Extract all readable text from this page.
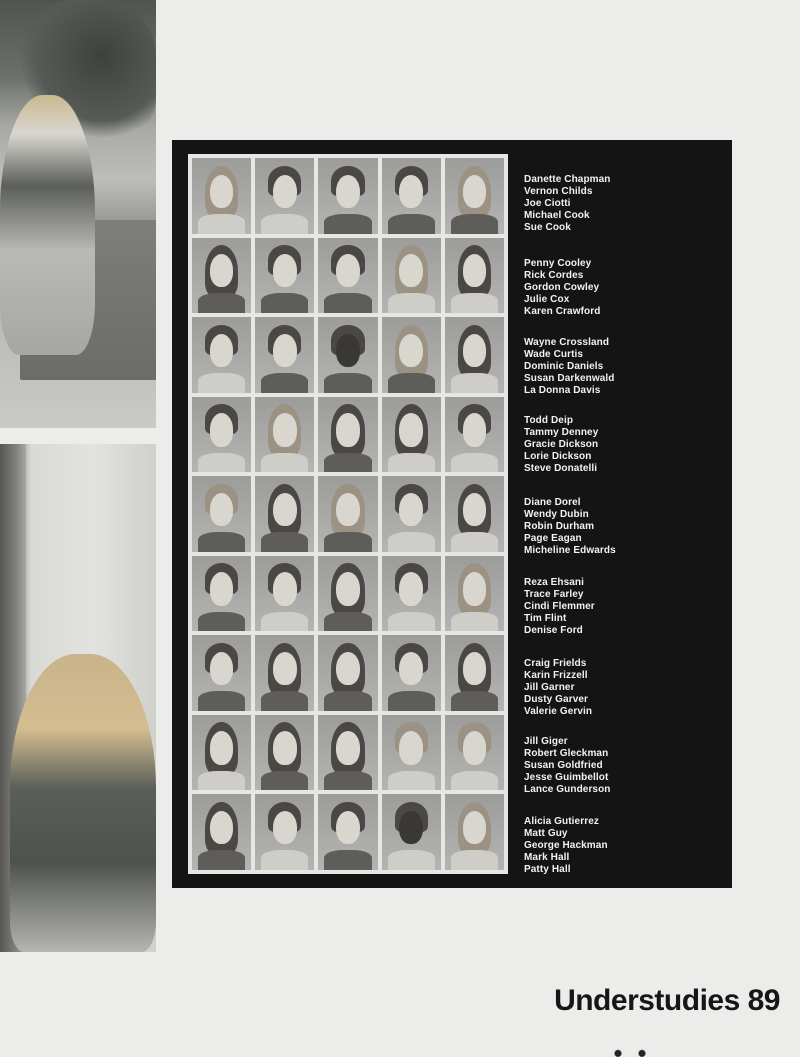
Danette Chapman
Vernon Childs
Joe Ciotti
Michael Cook
Sue Cook
Penny Cooley
Rick Cordes
Gordon Cowley
Julie Cox
Karen Crawford
Wayne Crossland
Wade Curtis
Dominic Daniels
Susan Darkenwald
La Donna Davis
Todd Deip
Tammy Denney
Gracie Dickson
Lorie Dickson
Steve Donatelli
Diane Dorel
Wendy Dubin
Robin Durham
Page Eagan
Micheline Edwards
Reza Ehsani
Trace Farley
Cindi Flemmer
Tim Flint
Denise Ford
Craig Frields
Karin Frizzell
Jill Garner
Dusty Garver
Valerie Gervin
Jill Giger
Robert Gleckman
Susan Goldfried
Jesse Guimbellot
Lance Gunderson
Alicia Gutierrez
Matt Guy
George Hackman
Mark Hall
Patty Hall
Understudies 89
